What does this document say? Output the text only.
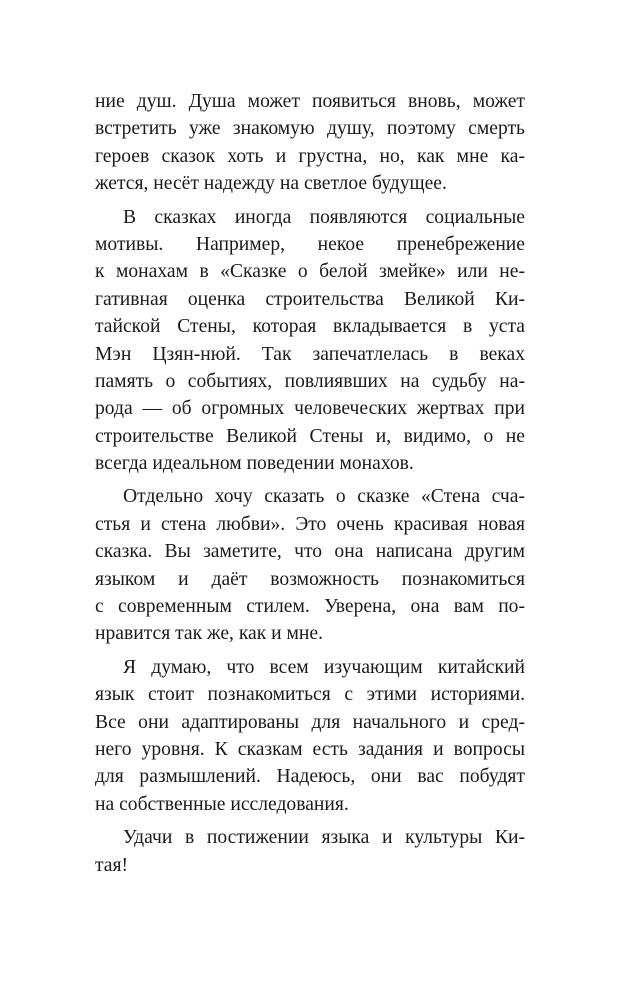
ние душ. Душа может появиться вновь, может
встретить уже знакомую душу, поэтому смерть
героев сказок хоть и грустна, но, как мне ка-
жется, несёт надежду на светлое будущее.
В сказках иногда появляются социальные
мотивы. Например, некое пренебрежение
к монахам в «Сказке о белой змейке» или не-
гативная оценка строительства Великой Ки-
тайской Стены, которая вкладывается в уста
Мэн Цзян-нюй. Так запечатлелась в веках
память о событиях, повлиявших на судьбу на-
рода — об огромных человеческих жертвах при
строительстве Великой Стены и, видимо, о не
всегда идеальном поведении монахов.
Отдельно хочу сказать о сказке «Стена сча-
стья и стена любви». Это очень красивая новая
сказка. Вы заметите, что она написана другим
языком и даёт возможность познакомиться
с современным стилем. Уверена, она вам по-
нравится так же, как и мне.
Я думаю, что всем изучающим китайский
язык стоит познакомиться с этими историями.
Все они адаптированы для начального и сред-
него уровня. К сказкам есть задания и вопросы
для размышлений. Надеюсь, они вас побудят
на собственные исследования.
Удачи в постижении языка и культуры Ки-
тая!
